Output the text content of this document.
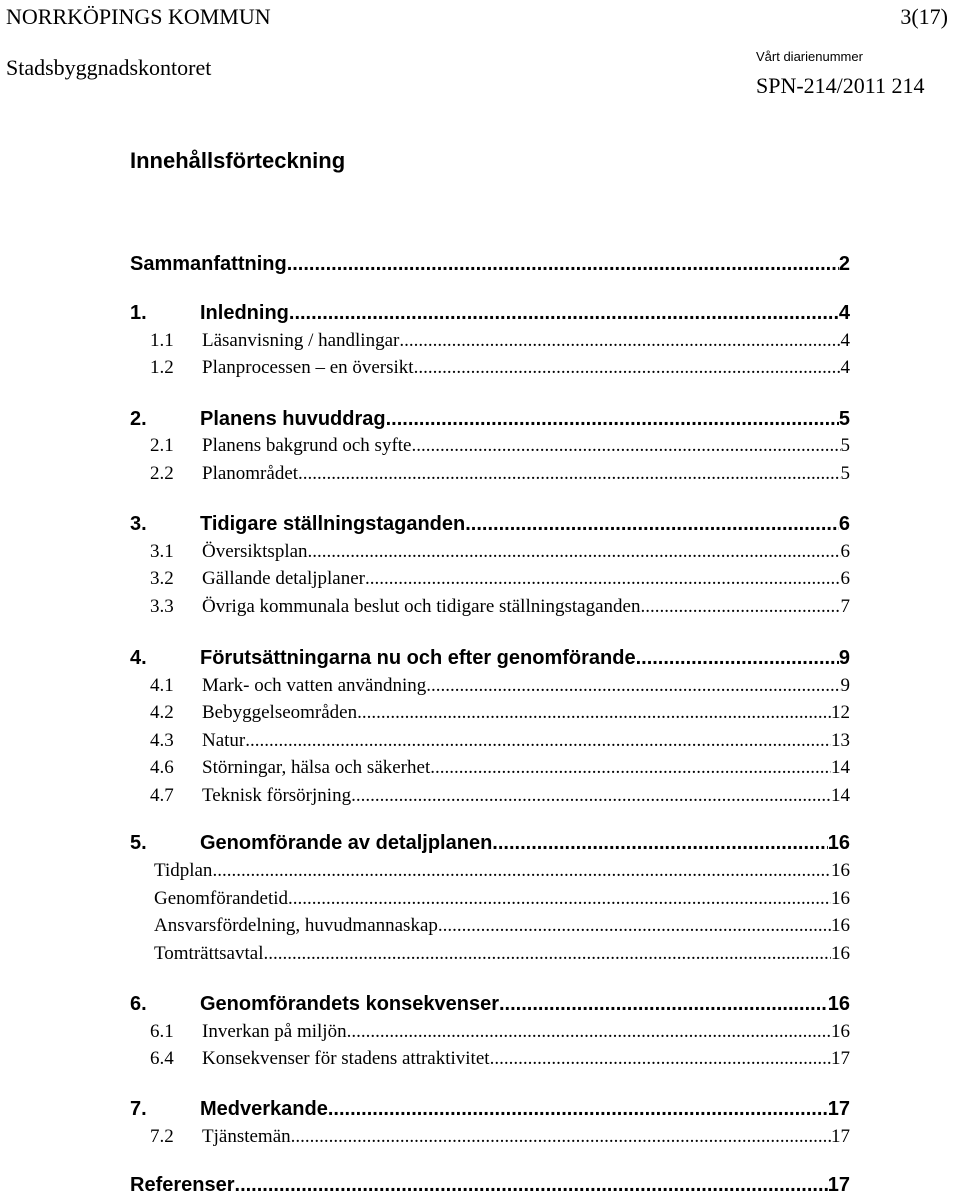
NORRKÖPINGS KOMMUN	3(17)
Stadsbyggnadskontoret	Vårt diarienummer
SPN-214/2011 214
Innehållsförteckning
Sammanfattning .....	2
1.	Inledning .....	4
1.1	Läsanvisning / handlingar .....	4
1.2	Planprocessen – en översikt .....	4
2.	Planens huvuddrag .....	5
2.1	Planens bakgrund och syfte .....	5
2.2	Planområdet .....	5
3.	Tidigare ställningstaganden .....	6
3.1	Översiktsplan .....	6
3.2	Gällande detaljplaner .....	6
3.3	Övriga kommunala beslut och tidigare ställningstaganden .....	7
4.	Förutsättningarna nu och efter genomförande .....	9
4.1	Mark- och vatten användning .....	9
4.2	Bebyggelseområden .....	12
4.3	Natur .....	13
4.6	Störningar, hälsa och säkerhet .....	14
4.7	Teknisk försörjning .....	14
5.	Genomförande av detaljplanen .....	16
Tidplan .....	16
Genomförandetid .....	16
Ansvarsfördelning, huvudmannaskap .....	16
Tomträttsavtal .....	16
6.	Genomförandets konsekvenser .....	16
6.1	Inverkan på miljön .....	16
6.4	Konsekvenser för stadens attraktivitet .....	17
7.	Medverkande .....	17
7.2	Tjänstemän .....	17
Referenser .....	17
